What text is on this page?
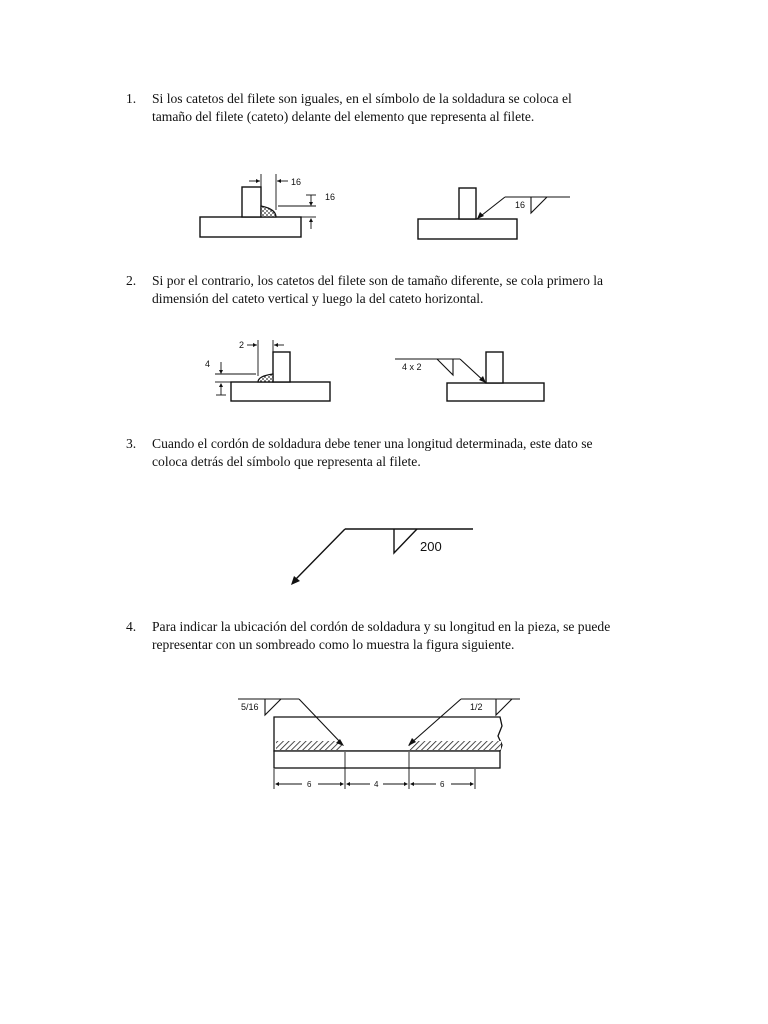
1. Si los catetos del filete son iguales, en el símbolo de la soldadura se coloca el
tamaño del filete (cateto) delante del elemento que representa al filete.
2. Si por el contrario, los catetos del filete son de tamaño diferente, se cola primero la
dimensión del cateto vertical y luego la del cateto horizontal.
3. Cuando el cordón de soldadura debe tener una longitud determinada, este dato se
coloca detrás del símbolo que representa al filete.
4. Para indicar la ubicación del cordón de soldadura y su longitud en la pieza, se puede
representar con un sombreado como lo muestra la figura siguiente.
16
16
16
2
4	4 x 2
200
5/16	1/2
6	4	6
